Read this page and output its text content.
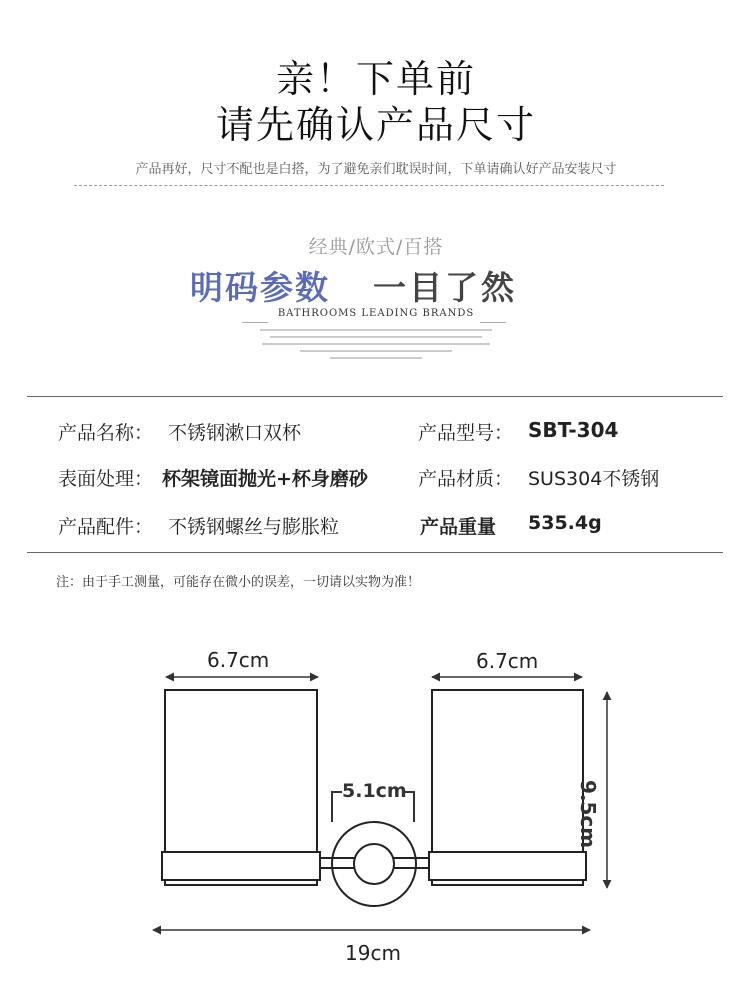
亲！下单前
请先确认产品尺寸
产品再好，尺寸不配也是白搭，为了避免亲们耽误时间，下单请确认好产品安装尺寸
经典/欧式/百搭
明码参数 一目了然
BATHROOMS LEADING BRANDS
产品名称： 不锈钢漱口双杯	产品型号： SBT-304
表面处理： 杯架镜面抛光+杯身磨砂	产品材质： SUS304不锈钢
产品配件： 不锈钢螺丝与膨胀粒	产品重量 535.4g
注：由于手工测量，可能存在微小的误差，一切请以实物为准！
6.7cm	6.7cm
5.1cm	9.5cm
19cm
